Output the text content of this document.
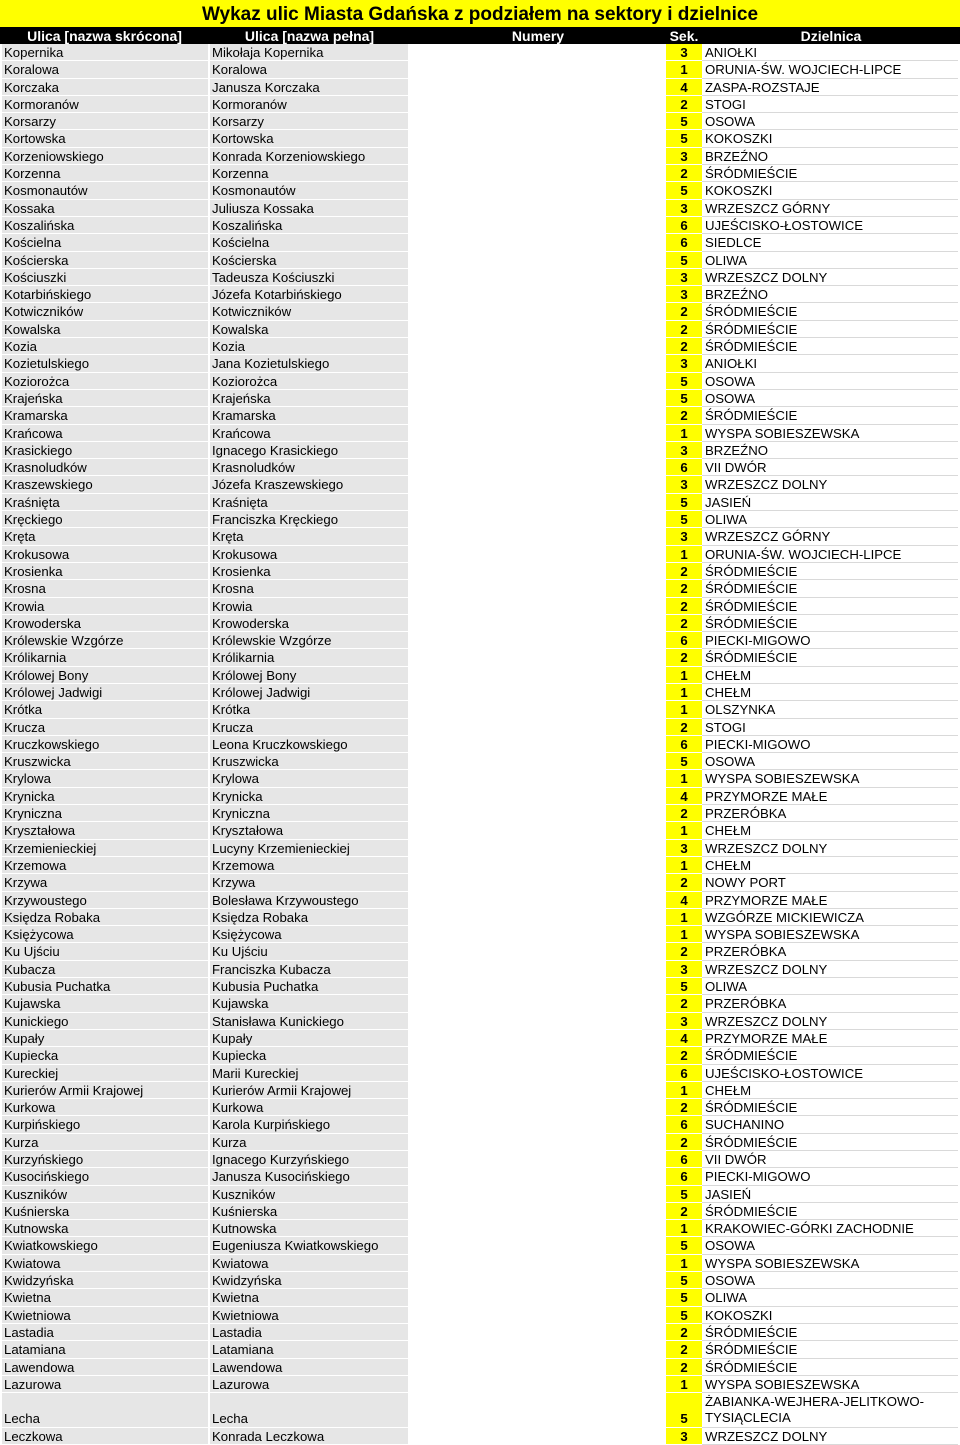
Wykaz ulic Miasta Gdańska z podziałem na sektory i dzielnice
Ulica [nazwa skrócona]	Ulica [nazwa pełna]	Numery	Sek.	Dzielnica
Kopernika	Mikołaja Kopernika	3	ANIOŁKI
Koralowa	Koralowa	1	ORUNIA-ŚW. WOJCIECH-LIPCE
Korczaka	Janusza Korczaka	4	ZASPA-ROZSTAJE
Kormoranów	Kormoranów	2	STOGI
Korsarzy	Korsarzy	5	OSOWA
Kortowska	Kortowska	5	KOKOSZKI
Korzeniowskiego	Konrada Korzeniowskiego	3	BRZEŹNO
Korzenna	Korzenna	2	ŚRÓDMIEŚCIE
Kosmonautów	Kosmonautów	5	KOKOSZKI
Kossaka	Juliusza Kossaka	3	WRZESZCZ GÓRNY
Koszalińska	Koszalińska	6	UJEŚCISKO-ŁOSTOWICE
Kościelna	Kościelna	6	SIEDLCE
Kościerska	Kościerska	5	OLIWA
Kościuszki	Tadeusza Kościuszki	3	WRZESZCZ DOLNY
Kotarbińskiego	Józefa Kotarbińskiego	3	BRZEŹNO
Kotwiczników	Kotwiczników	2	ŚRÓDMIEŚCIE
Kowalska	Kowalska	2	ŚRÓDMIEŚCIE
Kozia	Kozia	2	ŚRÓDMIEŚCIE
Kozietulskiego	Jana Kozietulskiego	3	ANIOŁKI
Koziorożca	Koziorożca	5	OSOWA
Krajeńska	Krajeńska	5	OSOWA
Kramarska	Kramarska	2	ŚRÓDMIEŚCIE
Krańcowa	Krańcowa	1	WYSPA SOBIESZEWSKA
Krasickiego	Ignacego Krasickiego	3	BRZEŹNO
Krasnoludków	Krasnoludków	6	VII DWÓR
Kraszewskiego	Józefa Kraszewskiego	3	WRZESZCZ DOLNY
Kraśnięta	Kraśnięta	5	JASIEŃ
Kręckiego	Franciszka Kręckiego	5	OLIWA
Kręta	Kręta	3	WRZESZCZ GÓRNY
Krokusowa	Krokusowa	1	ORUNIA-ŚW. WOJCIECH-LIPCE
Krosienka	Krosienka	2	ŚRÓDMIEŚCIE
Krosna	Krosna	2	ŚRÓDMIEŚCIE
Krowia	Krowia	2	ŚRÓDMIEŚCIE
Krowoderska	Krowoderska	2	ŚRÓDMIEŚCIE
Królewskie Wzgórze	Królewskie Wzgórze	6	PIECKI-MIGOWO
Królikarnia	Królikarnia	2	ŚRÓDMIEŚCIE
Królowej Bony	Królowej Bony	1	CHEŁM
Królowej Jadwigi	Królowej Jadwigi	1	CHEŁM
Krótka	Krótka	1	OLSZYNKA
Krucza	Krucza	2	STOGI
Kruczkowskiego	Leona Kruczkowskiego	6	PIECKI-MIGOWO
Kruszwicka	Kruszwicka	5	OSOWA
Krylowa	Krylowa	1	WYSPA SOBIESZEWSKA
Krynicka	Krynicka	4	PRZYMORZE MAŁE
Kryniczna	Kryniczna	2	PRZERÓBKA
Kryształowa	Kryształowa	1	CHEŁM
Krzemienieckiej	Lucyny Krzemienieckiej	3	WRZESZCZ DOLNY
Krzemowa	Krzemowa	1	CHEŁM
Krzywa	Krzywa	2	NOWY PORT
Krzywoustego	Bolesława Krzywoustego	4	PRZYMORZE MAŁE
Księdza Robaka	Księdza Robaka	1	WZGÓRZE MICKIEWICZA
Księżycowa	Księżycowa	1	WYSPA SOBIESZEWSKA
Ku Ujściu	Ku Ujściu	2	PRZERÓBKA
Kubacza	Franciszka Kubacza	3	WRZESZCZ DOLNY
Kubusia Puchatka	Kubusia Puchatka	5	OLIWA
Kujawska	Kujawska	2	PRZERÓBKA
Kunickiego	Stanisława Kunickiego	3	WRZESZCZ DOLNY
Kupały	Kupały	4	PRZYMORZE MAŁE
Kupiecka	Kupiecka	2	ŚRÓDMIEŚCIE
Kureckiej	Marii Kureckiej	6	UJEŚCISKO-ŁOSTOWICE
Kurierów Armii Krajowej	Kurierów Armii Krajowej	1	CHEŁM
Kurkowa	Kurkowa	2	ŚRÓDMIEŚCIE
Kurpińskiego	Karola Kurpińskiego	6	SUCHANINO
Kurza	Kurza	2	ŚRÓDMIEŚCIE
Kurzyńskiego	Ignacego Kurzyńskiego	6	VII DWÓR
Kusocińskiego	Janusza Kusocińskiego	6	PIECKI-MIGOWO
Kuszników	Kuszników	5	JASIEŃ
Kuśnierska	Kuśnierska	2	ŚRÓDMIEŚCIE
Kutnowska	Kutnowska	1	KRAKOWIEC-GÓRKI ZACHODNIE
Kwiatkowskiego	Eugeniusza Kwiatkowskiego	5	OSOWA
Kwiatowa	Kwiatowa	1	WYSPA SOBIESZEWSKA
Kwidzyńska	Kwidzyńska	5	OSOWA
Kwietna	Kwietna	5	OLIWA
Kwietniowa	Kwietniowa	5	KOKOSZKI
Lastadia	Lastadia	2	ŚRÓDMIEŚCIE
Latamiana	Latamiana	2	ŚRÓDMIEŚCIE
Lawendowa	Lawendowa	2	ŚRÓDMIEŚCIE
Lazurowa	Lazurowa	1	WYSPA SOBIESZEWSKA
Lecha	Lecha	5
ŻABIANKA-WEJHERA-JELITKOWO-TYSIĄCLECIA
Leczkowa	Konrada Leczkowa	3	WRZESZCZ DOLNY
